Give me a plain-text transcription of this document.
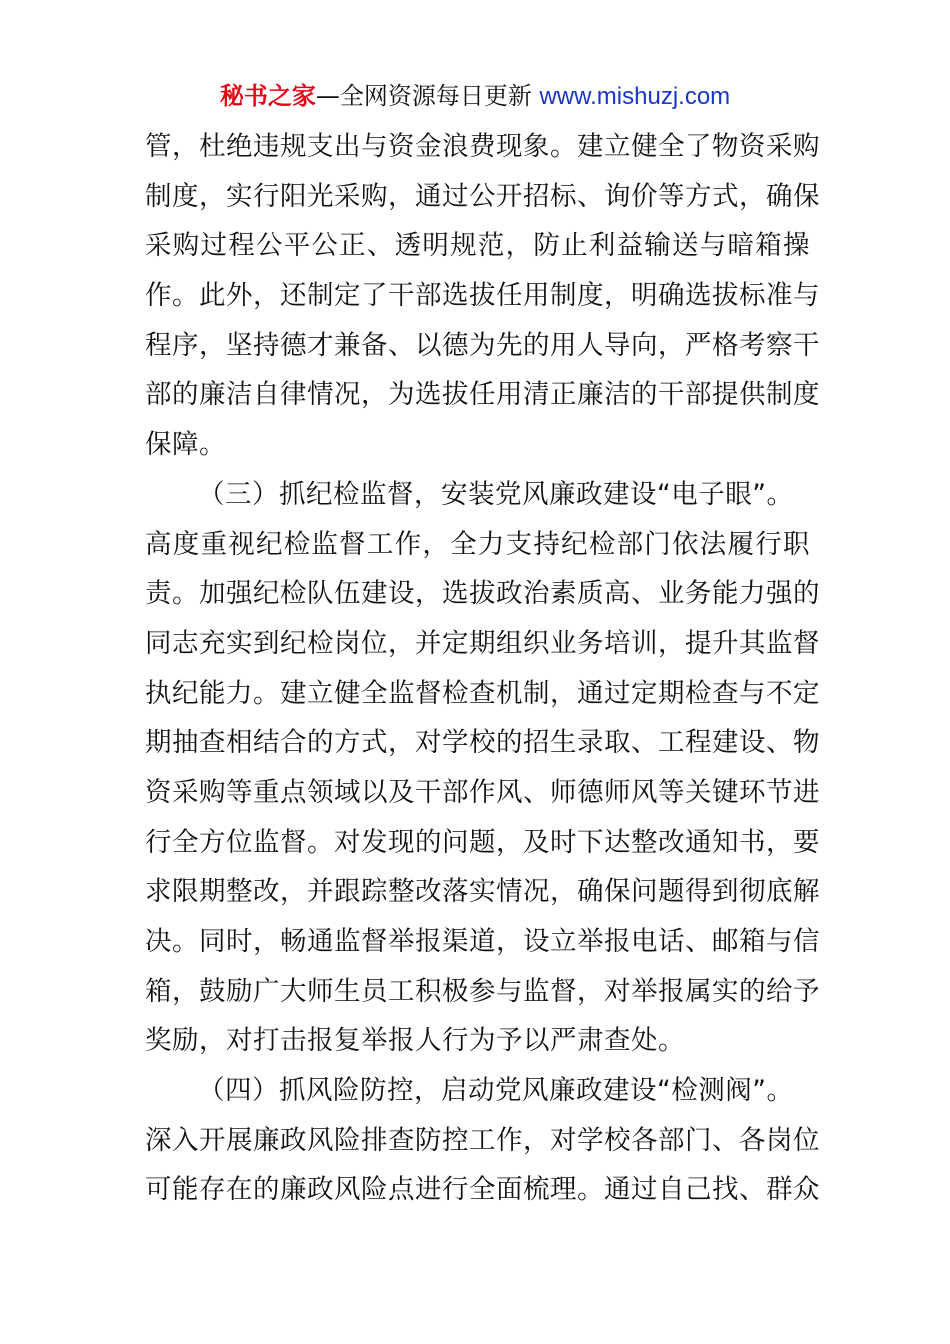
秘书之家—全网资源每日更新 www.mishuzj.com
管，杜绝违规支出与资金浪费现象。建立健全了物资采购
制度，实行阳光采购，通过公开招标、询价等方式，确保
采购过程公平公正、透明规范，防止利益输送与暗箱操
作。此外，还制定了干部选拔任用制度，明确选拔标准与
程序，坚持德才兼备、以德为先的用人导向，严格考察干
部的廉洁自律情况，为选拔任用清正廉洁的干部提供制度
保障。
（三）抓纪检监督，安装党风廉政建设“电子眼”。
高度重视纪检监督工作，全力支持纪检部门依法履行职
责。加强纪检队伍建设，选拔政治素质高、业务能力强的
同志充实到纪检岗位，并定期组织业务培训，提升其监督
执纪能力。建立健全监督检查机制，通过定期检查与不定
期抽查相结合的方式，对学校的招生录取、工程建设、物
资采购等重点领域以及干部作风、师德师风等关键环节进
行全方位监督。对发现的问题，及时下达整改通知书，要
求限期整改，并跟踪整改落实情况，确保问题得到彻底解
决。同时，畅通监督举报渠道，设立举报电话、邮箱与信
箱，鼓励广大师生员工积极参与监督，对举报属实的给予
奖励，对打击报复举报人行为予以严肃查处。
（四）抓风险防控，启动党风廉政建设“检测阀”。
深入开展廉政风险排查防控工作，对学校各部门、各岗位
可能存在的廉政风险点进行全面梳理。通过自己找、群众
